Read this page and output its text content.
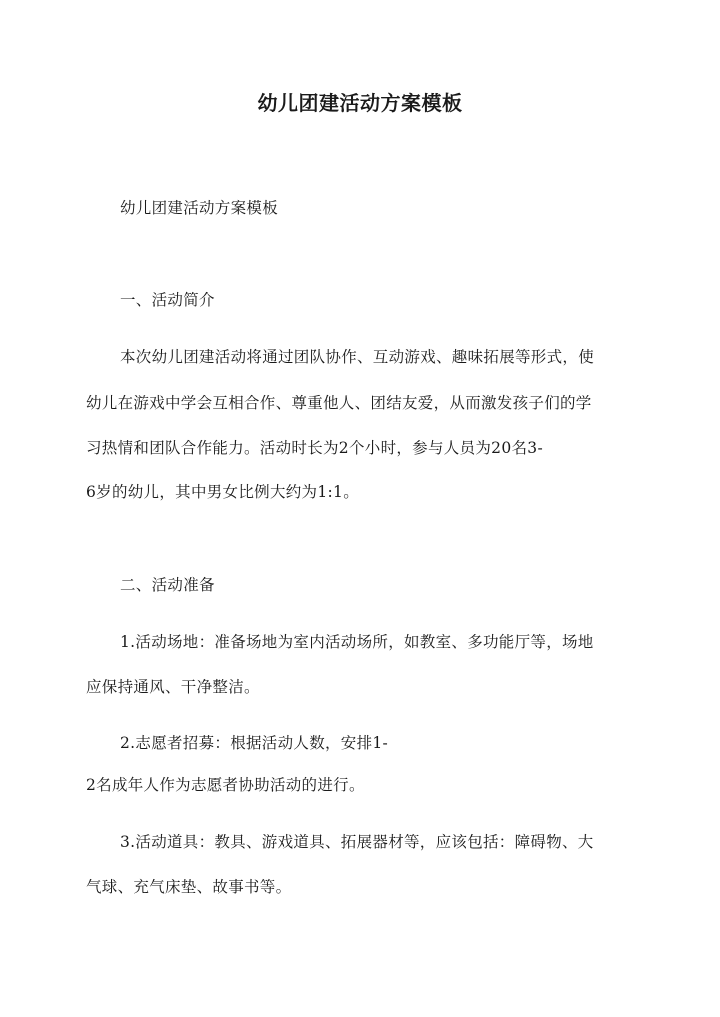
幼儿团建活动方案模板
幼儿团建活动方案模板
一、活动简介
本次幼儿团建活动将通过团队协作、互动游戏、趣味拓展等形式，使
幼儿在游戏中学会互相合作、尊重他人、团结友爱，从而激发孩子们的学
习热情和团队合作能力。活动时长为2个小时，参与人员为20名3-
6岁的幼儿，其中男女比例大约为1:1。
二、活动准备
1.活动场地：准备场地为室内活动场所，如教室、多功能厅等，场地
应保持通风、干净整洁。
2.志愿者招募：根据活动人数，安排1-
2名成年人作为志愿者协助活动的进行。
3.活动道具：教具、游戏道具、拓展器材等，应该包括：障碍物、大
气球、充气床垫、故事书等。
